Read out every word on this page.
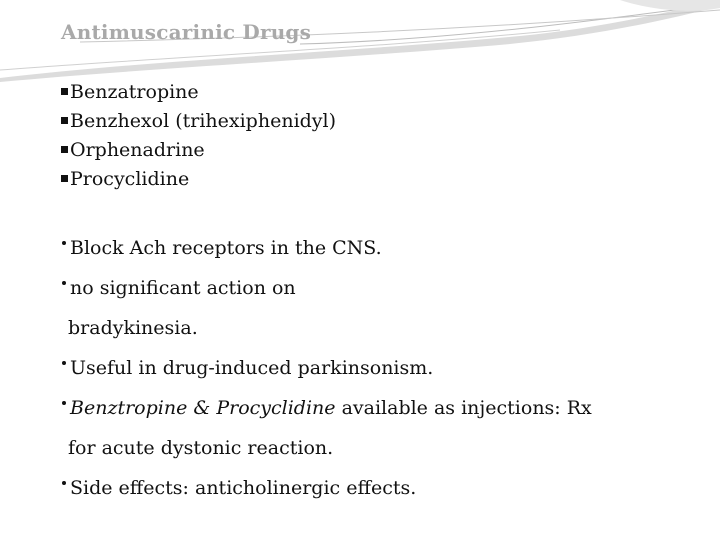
Antimuscarinic Drugs
Benzatropine
Benzhexol (trihexiphenidyl)
Orphenadrine
Procyclidine
Block Ach receptors in the CNS.
no significant action on
bradykinesia.
Useful in drug-induced parkinsonism.
Benztropine & Procyclidine available as injections: Rx
for acute dystonic reaction.
Side effects: anticholinergic effects.
